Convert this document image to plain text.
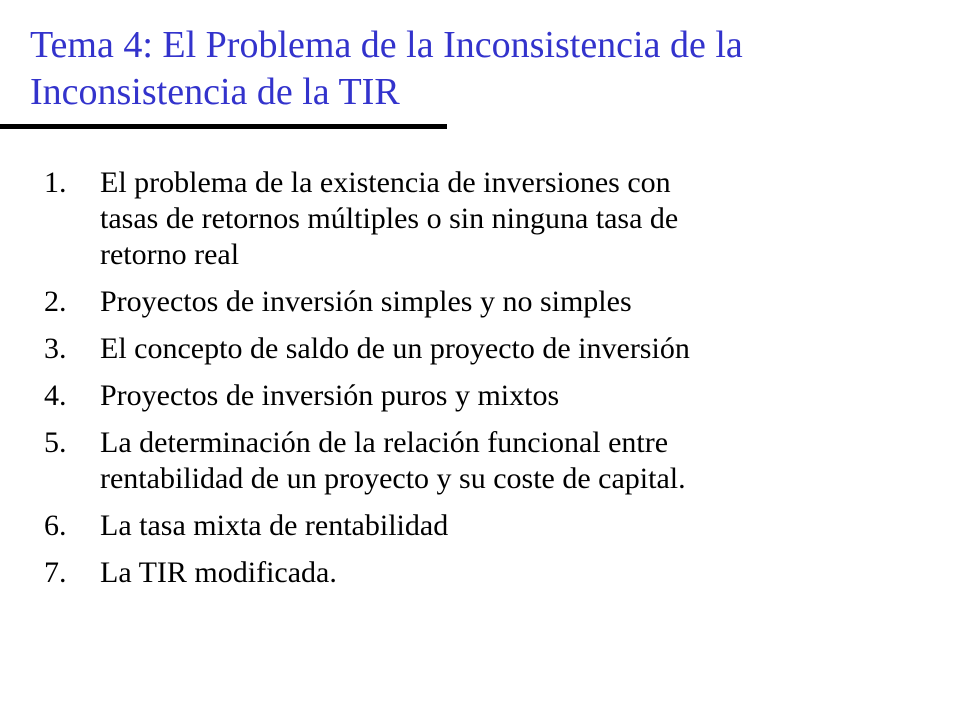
Tema 4: El Problema de la Inconsistencia de la
Inconsistencia de la TIR
1.	El problema de la existencia de inversiones con
tasas de retornos múltiples o sin ninguna tasa de
retorno real
2.	Proyectos de inversión simples y no simples
3.	El concepto de saldo de un proyecto de inversión
4.	Proyectos de inversión puros y mixtos
5.	La determinación de la relación funcional entre
rentabilidad de un proyecto y su coste de capital.
6.	La tasa mixta de rentabilidad
7.	La TIR modificada.
